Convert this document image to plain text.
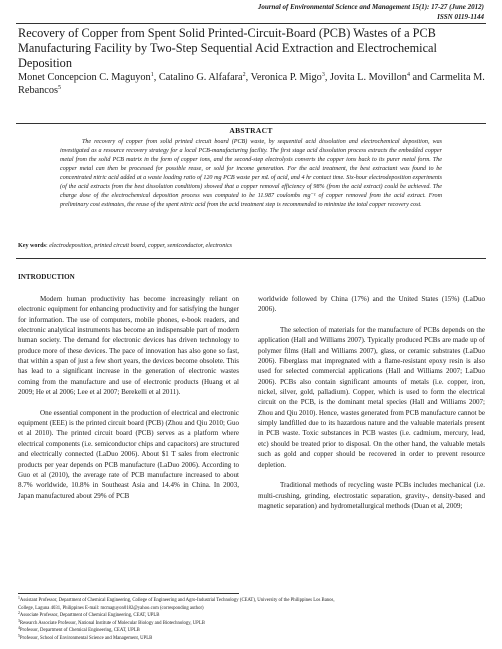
Journal of Environmental Science and Management 15(1): 17-27 (June 2012)
ISSN 0119-1144
Recovery of Copper from Spent Solid Printed-Circuit-Board (PCB) Wastes of a PCB Manufacturing Facility by Two-Step Sequential Acid Extraction and Electrochemical Deposition
Monet Concepcion C. Maguyon$^1$, Catalino G. Alfafara$^2$, Veronica P. Migo$^3$, Jovita L. Movillon$^4$ and Carmelita M. Rebancos$^5$
ABSTRACT
The recovery of copper from solid printed circuit board (PCB) waste, by sequential acid dissolution and electrochemical deposition, was investigated as a resource recovery strategy for a local PCB-manufacturing facility. The first stage acid dissolution process extracts the embedded copper metal from the solid PCB matrix in the form of copper ions, and the second-step electrolysis converts the copper ions back to its purer metal form. The copper metal can then be processed for possible reuse, or sold for income generation. For the acid treatment, the best extractant was found to be concentrated nitric acid added at a waste loading ratio of 120 mg PCB waste per mL of acid, and 4 hr contact time. Six-hour electrodeposition experiments (of the acid extracts from the best dissolution conditions) showed that a copper removal efficiency of 98% (from the acid extract) could be achieved. The charge dose of the electrochemical deposition process was computed to be 11.987 coulombs mg⁻¹ of copper removed from the acid extract. From preliminary cost estimates, the reuse of the spent nitric acid from the acid treatment step is recommended to minimize the total copper recovery cost.
Key words: electrodeposition, printed circuit board, copper, semiconductor, electronics
INTRODUCTION

Modern human productivity has become increasingly reliant on electronic equipment for enhancing productivity and for satisfying the hunger for information. The use of computers, mobile phones, e-book readers, and electronic analytical instruments has become an indispensable part of modern human society. The demand for electronic devices has driven technology to produce more of these devices. The pace of innovation has also gone so fast, that within a span of just a few short years, the devices become obsolete. This has lead to a significant increase in the generation of electronic wastes coming from the manufacture and use of electronic products (Huang et al 2009; He et al 2006; Lee et al 2007; Berekelli et al 2011).

One essential component in the production of electrical and electronic equipment (EEE) is the printed circuit board (PCB) (Zhou and Qiu 2010; Guo et al 2010). The printed circuit board (PCB) serves as a platform where electrical components (i.e. semiconductor chips and capacitors) are structured and electrically connected (LaDuo 2006). About $1 T sales from electronic products per year depends on PCB manufacture (LaDuo 2006). According to Guo et al (2010), the average rate of PCB manufacture increased to about 8.7% worldwide, 10.8% in Southeast Asia and 14.4% in China. In 2003, Japan manufactured about 29% of PCB

worldwide followed by China (17%) and the United States (15%) (LaDuo 2006).

The selection of materials for the manufacture of PCBs depends on the application (Hall and Williams 2007). Typically produced PCBs are made up of polymer films (Hall and Williams 2007), glass, or ceramic substrates (LaDuo 2006). Fiberglass mat impregnated with a flame-resistant epoxy resin is also used for selected commercial applications (Hall and Williams 2007; LaDuo 2006). PCBs also contain significant amounts of metals (i.e. copper, iron, nickel, silver, gold, palladium). Copper, which is used to form the electrical circuit on the PCB, is the dominant metal species (Hall and Williams 2007; Zhou and Qiu 2010). Hence, wastes generated from PCB manufacture cannot be simply landfilled due to its hazardous nature and the valuable materials present in PCB waste. Toxic substances in PCB wastes (i.e. cadmium, mercury, lead, etc) should be treated prior to disposal. On the other hand, the valuable metals such as gold and copper should be recovered in order to prevent resource depletion.

Traditional methods of recycling waste PCBs includes mechanical (i.e. multi-crushing, grinding, electrostatic separation, gravity-, density-based and magnetic separation) and hydrometallurgical methods (Duan et al, 2009;

$^1$Assistant Professor, Department of Chemical Engineering, College of Engineering and Agro-Industrial Technology (CEAT), University of the Philippines Los Banos,
College, Laguna 4031, Philippines E-mail: mcmaguyon0182@yahoo.com (corresponding author)
$^2$Associate Professor, Department of Chemical Engineering, CEAT, UPLB
$^3$Research Associate Professor, National Institute of Molecular Biology and Biotechnology, UPLB
$^4$Professor, Department of Chemical Engineering, CEAT, UPLB
$^5$Professor, School of Environmental Science and Management, UPLB
